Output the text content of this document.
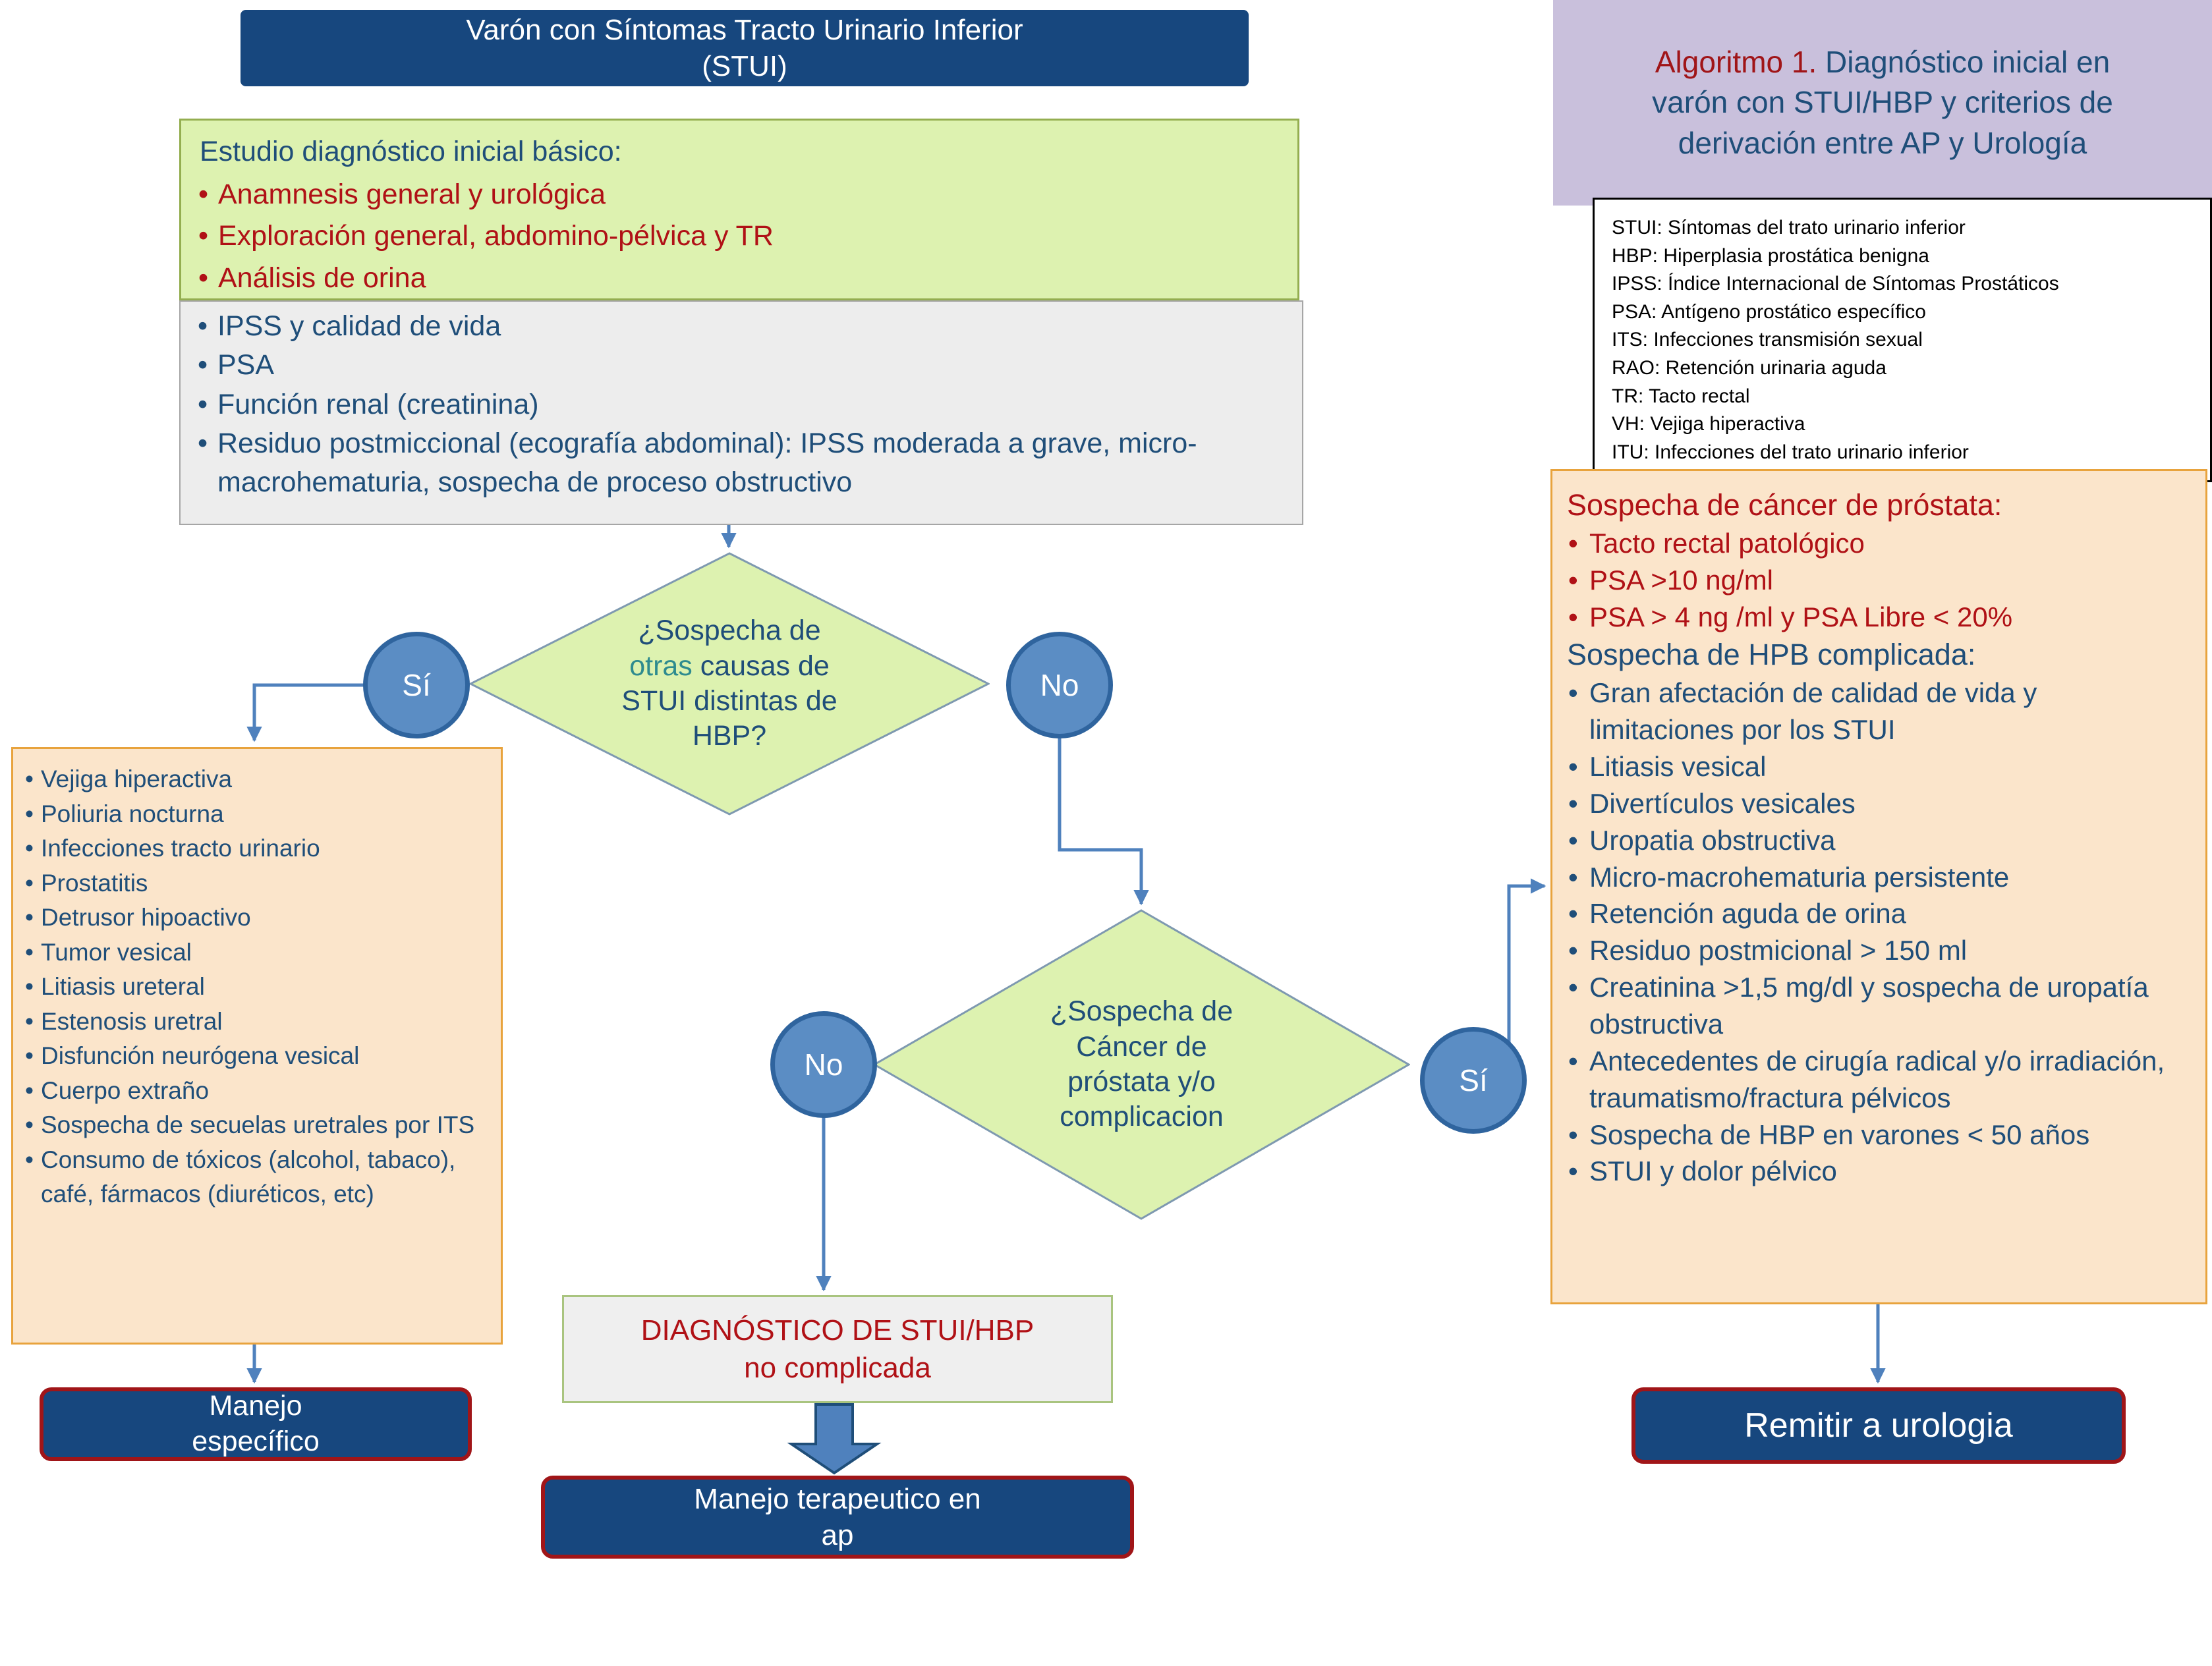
Varón con Síntomas Tracto Urinario Inferior
(STUI)
Estudio diagnóstico inicial básico:
• Anamnesis general y urológica
• Exploración general, abdomino-pélvica y TR
• Análisis de orina
• IPSS y calidad de vida
• PSA
• Función renal (creatinina)
• Residuo postmiccional (ecografía abdominal): IPSS moderada a grave, micro-macrohematuria, sospecha de proceso obstructivo
¿Sospecha de otras causas de STUI distintas de HBP?
Sí	No
• Vejiga hiperactiva
• Poliuria nocturna
• Infecciones tracto urinario
• Prostatitis
• Detrusor hipoactivo
• Tumor vesical
• Litiasis ureteral
• Estenosis uretral
• Disfunción neurógena vesical
• Cuerpo extraño
• Sospecha de secuelas uretrales por ITS
• Consumo de tóxicos (alcohol, tabaco), café, fármacos (diuréticos, etc)
Manejo
específico
¿Sospecha de Cáncer de próstata y/o complicacion
No	Sí
DIAGNÓSTICO DE STUI/HBP
no complicada
Manejo terapeutico en
ap
Algoritmo 1. Diagnóstico inicial en varón con STUI/HBP y criterios de derivación entre AP y Urología
STUI: Síntomas del trato urinario inferior
HBP: Hiperplasia prostática benigna
IPSS: Índice Internacional de Síntomas Prostáticos
PSA: Antígeno prostático específico
ITS: Infecciones transmisión sexual
RAO: Retención urinaria aguda
TR: Tacto rectal
VH: Vejiga hiperactiva
ITU: Infecciones del trato urinario inferior
Sospecha de cáncer de próstata:
• Tacto rectal patológico
• PSA >10 ng/ml
• PSA > 4 ng /ml y PSA Libre < 20%
Sospecha de HPB complicada:
• Gran afectación de calidad de vida y limitaciones por los STUI
• Litiasis vesical
• Divertículos vesicales
• Uropatia obstructiva
• Micro-macrohematuria persistente
• Retención aguda de orina
• Residuo postmicional > 150 ml
• Creatinina >1,5 mg/dl y sospecha de uropatía obstructiva
• Antecedentes de cirugía radical y/o irradiación, traumatismo/fractura pélvicos
• Sospecha de HBP en varones < 50 años
• STUI y dolor pélvico
Remitir a urologia
